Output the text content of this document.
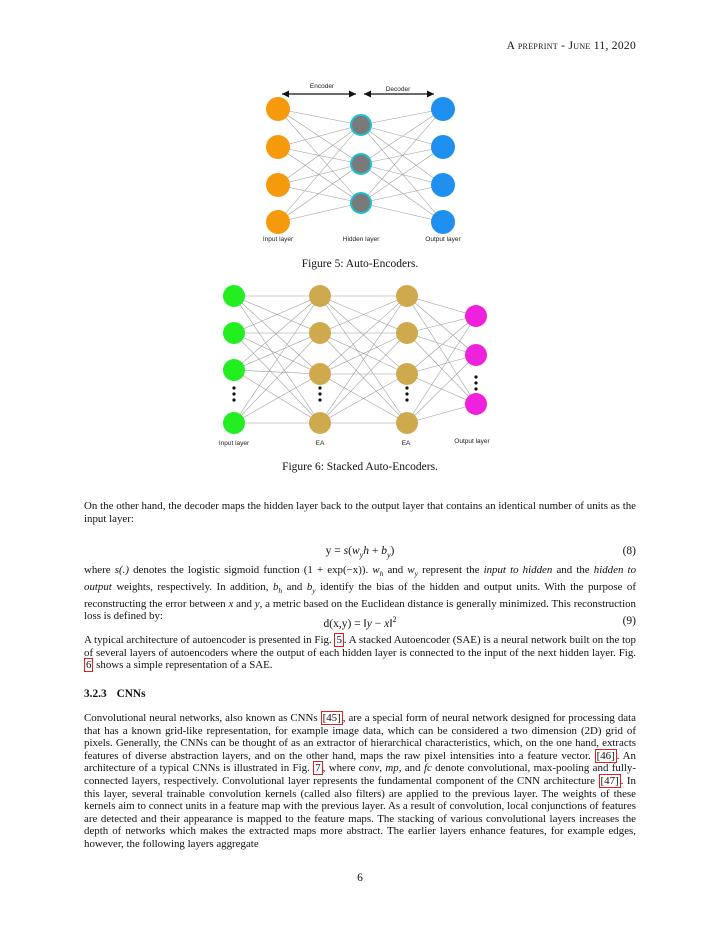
A preprint - June 11, 2020
Encoder	Decoder
Input layer	Hidden layer	Output layer
Figure 5: Auto-Encoders.
Input layer	EA	EA	Output layer
Figure 6: Stacked Auto-Encoders.

On the other hand, the decoder maps the hidden layer back to the output layer that contains an identical number of units as the input layer:

$y = s(w_yh + b_y)$	(8)

where s(.) denotes the logistic sigmoid function (1 + exp(−x)). $w_h$ and $w_y$ represent the input to hidden and the hidden to output weights, respectively. In addition, $b_h$ and $b_y$ identify the bias of the hidden and output units. With the purpose of reconstructing the error between x and y, a metric based on the Euclidean distance is generally minimized. This reconstruction loss is defined by:

d(x,y) = ‖y − x‖$^2$	(9)

A typical architecture of autoencoder is presented in Fig. 5 . A stacked Autoencoder (SAE) is a neural network built on the top of several layers of autoencoders where the output of each hidden layer is connected to the input of the next hidden layer. Fig. 6 shows a simple representation of a SAE.

3.2.3 CNNs

Convolutional neural networks, also known as CNNs [45] , are a special form of neural network designed for processing data that has a known grid-like representation, for example image data, which can be considered a two dimension (2D) grid of pixels. Generally, the CNNs can be thought of as an extractor of hierarchical characteristics, which, on the one hand, extracts features of diverse abstraction layers, and on the other hand, maps the raw pixel intensities into a feature vector. [46] . An architecture of a typical CNNs is illustrated in Fig. 7 , where conv, mp, and fc denote convolutional, max-pooling and fully-connected layers, respectively. Convolutional layer represents the fundamental component of the CNN architecture [47] . In this layer, several trainable convolution kernels (called also filters) are applied to the previous layer. The weights of these kernels aim to connect units in a feature map with the previous layer. As a result of convolution, local conjunctions of features are detected and their appearance is mapped to the feature maps. The stacking of various convolutional layers increases the depth of networks which makes the extracted maps more abstract. The earlier layers enhance features, for example edges, however, the following layers aggregate

6
